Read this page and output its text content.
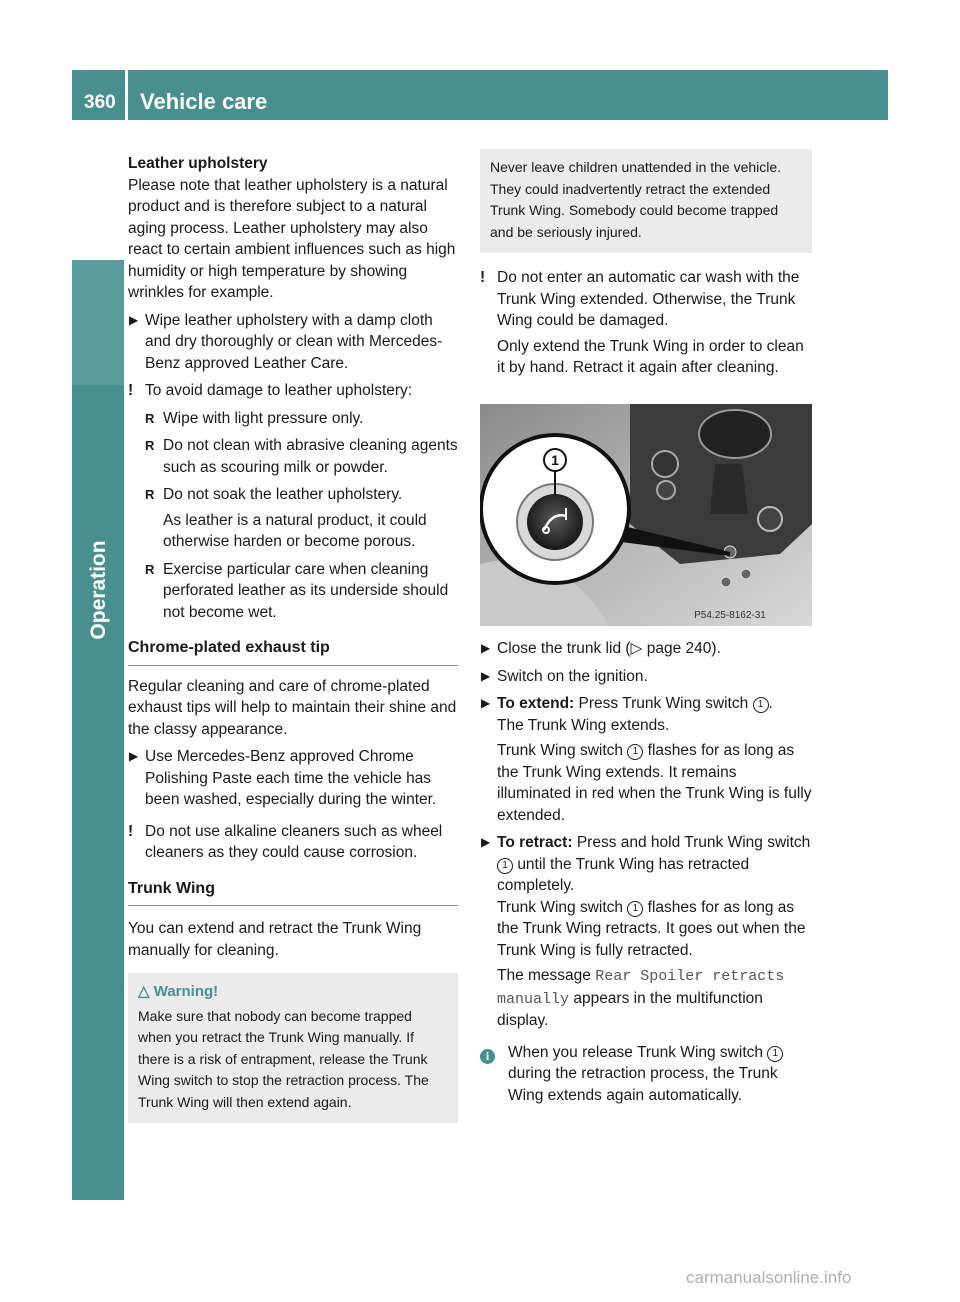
360 Vehicle care
Operation

Leather upholstery

Please note that leather upholstery is a natural product and is therefore subject to a natural aging process. Leather upholstery may also react to certain ambient influences such as high humidity or high temperature by showing wrinkles for example.

▶ Wipe leather upholstery with a damp cloth and dry thoroughly or clean with Mercedes-Benz approved Leather Care.
! To avoid damage to leather upholstery:
R Wipe with light pressure only.
R Do not clean with abrasive cleaning agents such as scouring milk or powder.
R Do not soak the leather upholstery.

As leather is a natural product, it could otherwise harden or become porous.

R Exercise particular care when cleaning perforated leather as its underside should not become wet.
Chrome-plated exhaust tip

Regular cleaning and care of chrome-plated exhaust tips will help to maintain their shine and the classy appearance.

▶ Use Mercedes-Benz approved Chrome Polishing Paste each time the vehicle has been washed, especially during the winter.
! Do not use alkaline cleaners such as wheel cleaners as they could cause corrosion.
Trunk Wing

You can extend and retract the Trunk Wing manually for cleaning.

△ Warning!

Make sure that nobody can become trapped when you retract the Trunk Wing manually. If there is a risk of entrapment, release the Trunk Wing switch to stop the retraction process. The Trunk Wing will then extend again.

Never leave children unattended in the vehicle. They could inadvertently retract the extended Trunk Wing. Somebody could become trapped and be seriously injured.

! Do not enter an automatic car wash with the Trunk Wing extended. Otherwise, the Trunk Wing could be damaged.

Only extend the Trunk Wing in order to clean it by hand. Retract it again after cleaning.

1
P54.25-8162-31
▶ Close the trunk lid (▷ page 240).
▶ Switch on the ignition.
▶ To extend: Press Trunk Wing switch 1 .

The Trunk Wing extends.

Trunk Wing switch 1 flashes for as long as the Trunk Wing extends. It remains illuminated in red when the Trunk Wing is fully extended.

▶ To retract: Press and hold Trunk Wing switch 1 until the Trunk Wing has retracted completely.

Trunk Wing switch 1 flashes for as long as the Trunk Wing retracts. It goes out when the Trunk Wing is fully retracted.

The message Rear Spoiler retracts manually appears in the multifunction display.

i	When you release Trunk Wing switch 1 during the retraction process, the Trunk Wing extends again automatically.
carmanualsonline.info
